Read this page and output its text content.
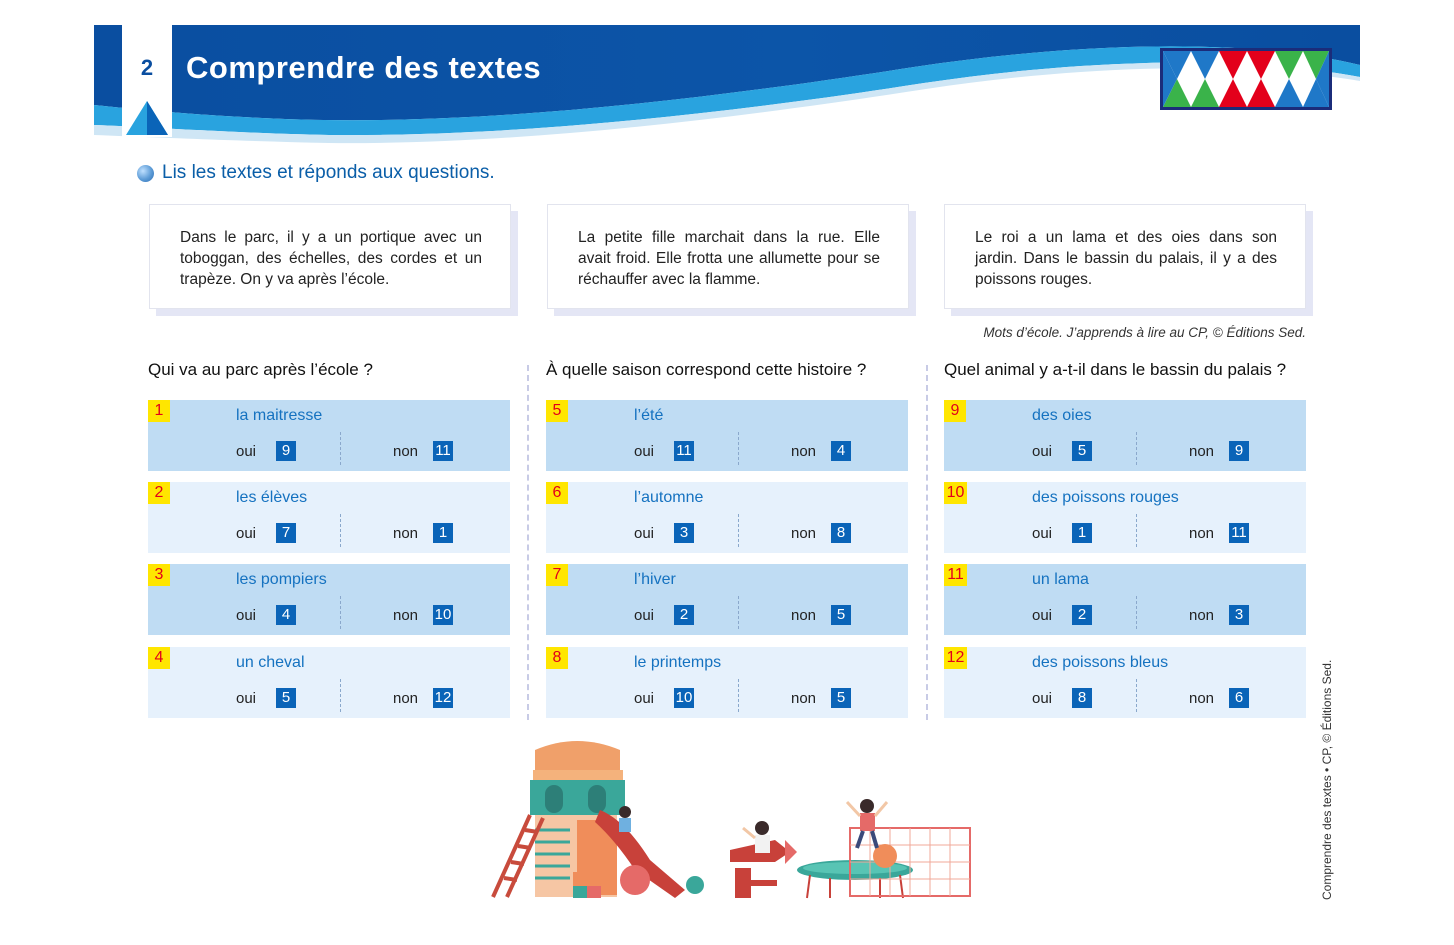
2	Comprendre des textes
Lis les textes et réponds aux questions.
Dans le parc, il y a un portique avec un toboggan, des échelles, des cordes et un trapèze. On y va après l’école.
La petite fille marchait dans la rue. Elle avait froid. Elle frotta une allumette pour se réchauffer avec la flamme.
Le roi a un lama et des oies dans son jardin. Dans le bassin du palais, il y a des poissons rouges.
Mots d’école. J’apprends à lire au CP, © Éditions Sed.
Qui va au parc après l’école ?	À quelle saison correspond cette histoire ?	Quel animal y a-t-il dans le bassin du palais ?
1	la maitresse
oui	9	non 11
2	les élèves
oui	7	non	1
3	les pompiers
oui	4	non 10
4	un cheval
oui	5	non 12
5	l’été
oui 11	non	4
6	l’automne
oui	3	non	8
7	l’hiver
oui	2	non	5
8	le printemps
oui 10	non	5
9	des oies
oui	5	non	9
10	des poissons rouges
oui	1	non 11
11	un lama
oui	2	non	3
12	des poissons bleus
oui	8	non	6	Comprendre des textes • CP, © Éditions Sed.
